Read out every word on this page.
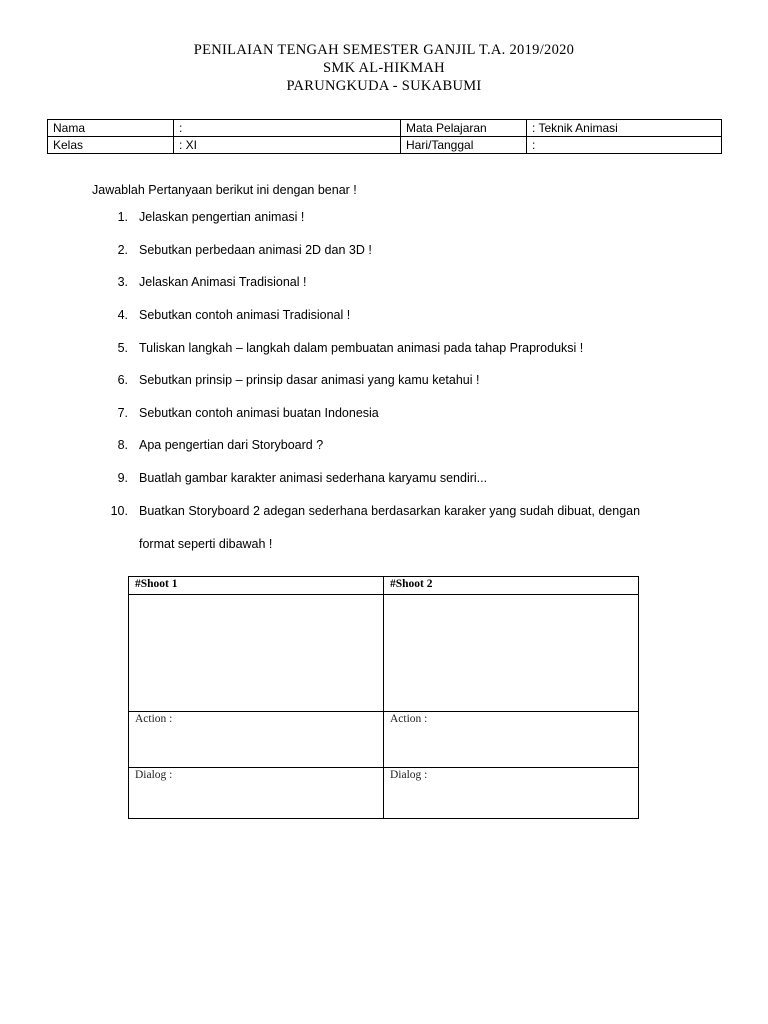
PENILAIAN TENGAH SEMESTER GANJIL T.A. 2019/2020
SMK AL-HIKMAH
PARUNGKUDA - SUKABUMI
Nama	:	Mata Pelajaran	: Teknik Animasi
Kelas	: XI	Hari/Tanggal	:
Jawablah Pertanyaan berikut ini dengan benar !
1. Jelaskan pengertian animasi !
2. Sebutkan perbedaan animasi 2D dan 3D !
3. Jelaskan Animasi Tradisional !
4. Sebutkan contoh animasi Tradisional !
5. Tuliskan langkah – langkah dalam pembuatan animasi pada tahap Praproduksi !
6. Sebutkan prinsip – prinsip dasar animasi yang kamu ketahui !
7. Sebutkan contoh animasi buatan Indonesia
8. Apa pengertian dari Storyboard ?
9. Buatlah gambar karakter animasi sederhana karyamu sendiri...
10. Buatkan Storyboard 2 adegan sederhana berdasarkan karaker yang sudah dibuat, dengan
format seperti dibawah !
#Shoot 1	#Shoot 2

Action :	Action :
Dialog :	Dialog :
